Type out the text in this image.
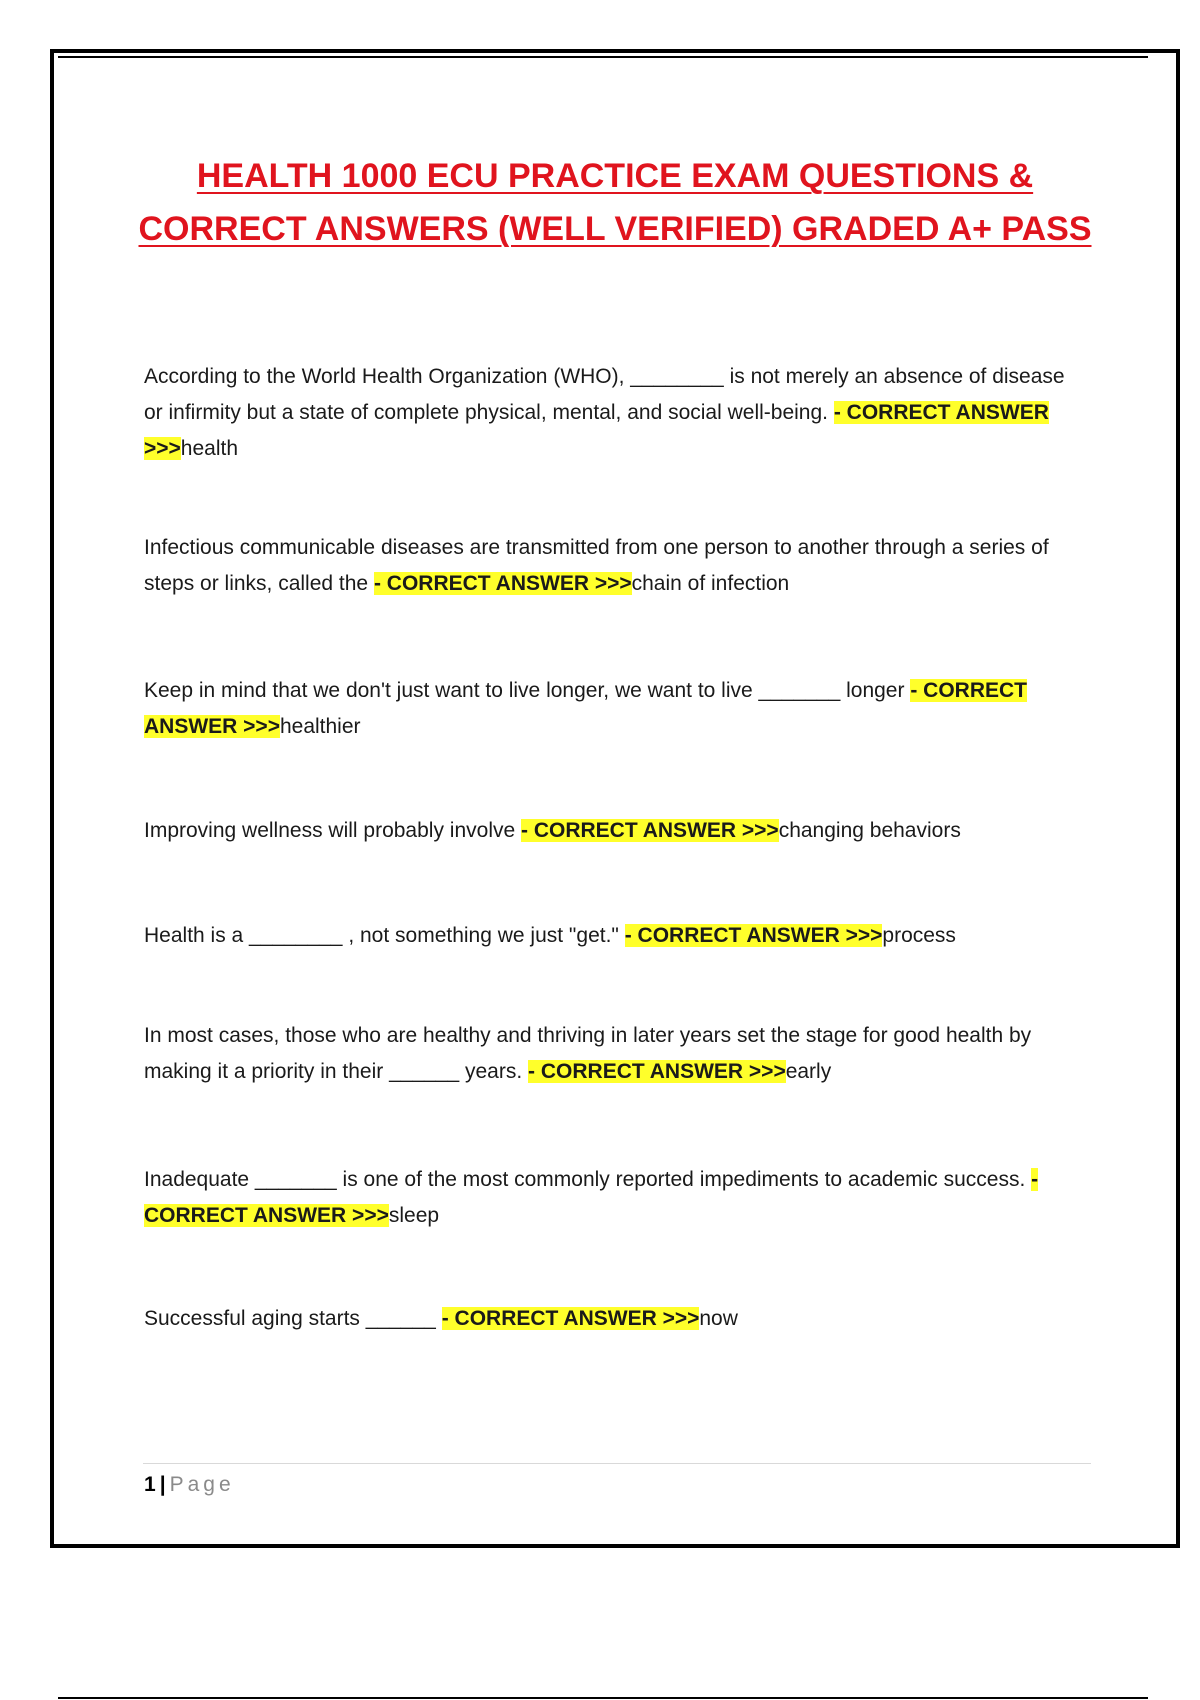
HEALTH 1000 ECU PRACTICE EXAM QUESTIONS &
CORRECT ANSWERS (WELL VERIFIED) GRADED A+ PASS

According to the World Health Organization (WHO), ________ is not merely an absence of disease or infirmity but a state of complete physical, mental, and social well-being. - CORRECT ANSWER >>>health

Infectious communicable diseases are transmitted from one person to another through a series of steps or links, called the - CORRECT ANSWER >>>chain of infection

Keep in mind that we don't just want to live longer, we want to live _______ longer - CORRECT ANSWER >>>healthier

Improving wellness will probably involve - CORRECT ANSWER >>>changing behaviors

Health is a ________ , not something we just "get." - CORRECT ANSWER >>>process

In most cases, those who are healthy and thriving in later years set the stage for good health by making it a priority in their ______ years. - CORRECT ANSWER >>>early

Inadequate _______ is one of the most commonly reported impediments to academic success. - CORRECT ANSWER >>>sleep

Successful aging starts ______ - CORRECT ANSWER >>>now

1 | Page
